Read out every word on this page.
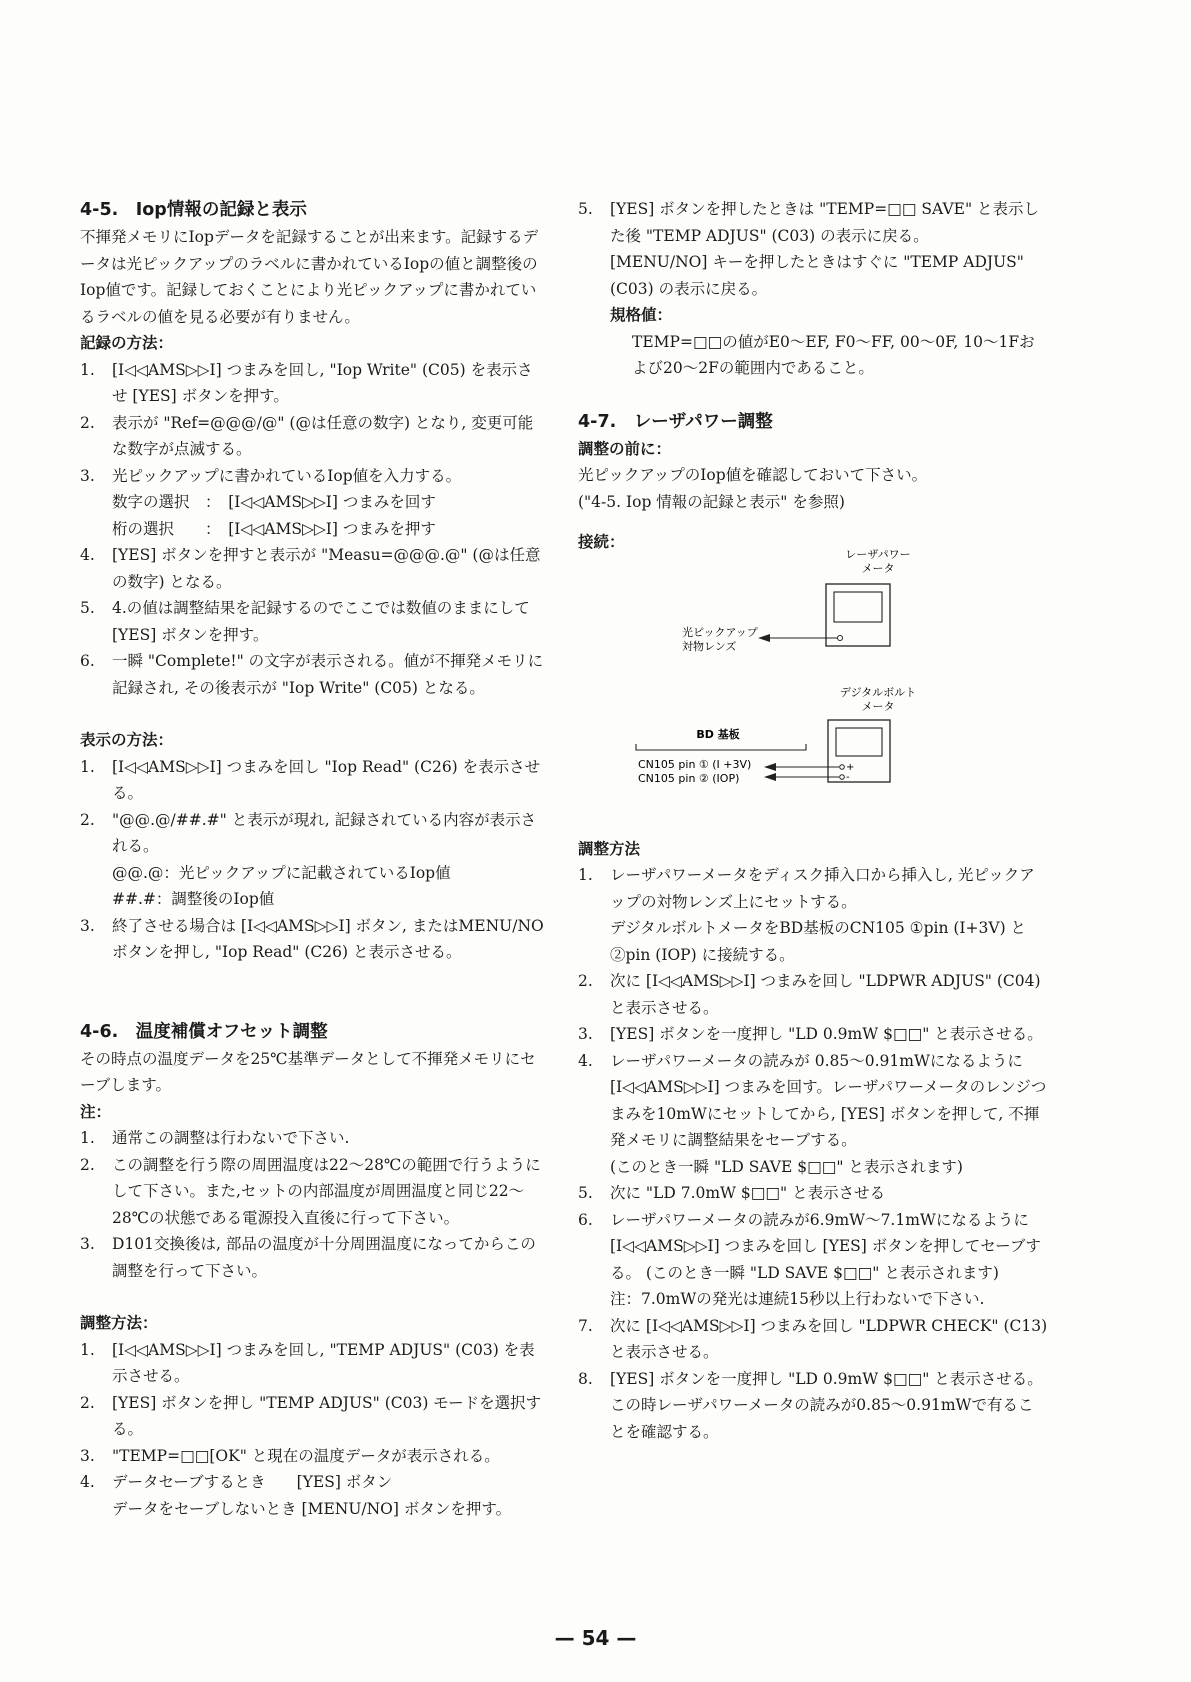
4-5.　Iop情報の記録と表示

不揮発メモリにIopデータを記録することが出来ます。記録するデータは光ピックアップのラベルに書かれているIopの値と調整後のIop値です。記録しておくことにより光ピックアップに書かれているラベルの値を見る必要が有りません。

記録の方法：

1. [I◁◁AMS▷▷I] つまみを回し, "Iop Write" (C05) を表示させ [YES] ボタンを押す。
2. 表示が "Ref=@@@/@" (@は任意の数字) となり, 変更可能な数字が点滅する。
3. 光ピックアップに書かれているIop値を入力する。
数字の選択　：　[I◁◁AMS▷▷I] つまみを回す
桁の選択　　：　[I◁◁AMS▷▷I] つまみを押す
4. [YES] ボタンを押すと表示が "Measu=@@@.@" (@は任意の数字) となる。
5. 4.の値は調整結果を記録するのでここでは数値のままにして [YES] ボタンを押す。
6. 一瞬 "Complete!" の文字が表示される。値が不揮発メモリに記録され, その後表示が "Iop Write" (C05) となる。

表示の方法：

1. [I◁◁AMS▷▷I] つまみを回し "Iop Read" (C26) を表示させる。
2. "@@.@/##.#" と表示が現れ, 記録されている内容が表示される。
@@.@：光ピックアップに記載されているIop値
##.#：調整後のIop値
3. 終了させる場合は [I◁◁AMS▷▷I] ボタン, またはMENU/NOボタンを押し, "Iop Read" (C26) と表示させる。
4-6.　温度補償オフセット調整

その時点の温度データを25℃基準データとして不揮発メモリにセーブします。

注：

1. 通常この調整は行わないで下さい.
2. この調整を行う際の周囲温度は22～28℃の範囲で行うようにして下さい。また,セットの内部温度が周囲温度と同じ22～28℃の状態である電源投入直後に行って下さい。
3. D101交換後は, 部品の温度が十分周囲温度になってからこの調整を行って下さい。

調整方法：

1. [I◁◁AMS▷▷I] つまみを回し, "TEMP ADJUS" (C03) を表示させる。
2. [YES] ボタンを押し "TEMP ADJUS" (C03) モードを選択する。
3. "TEMP=□□[OK" と現在の温度データが表示される。
4. データセーブするとき　　[YES] ボタン
データをセーブしないとき [MENU/NO] ボタンを押す。
5. [YES] ボタンを押したときは "TEMP=□□ SAVE" と表示した後 "TEMP ADJUS" (C03) の表示に戻る。
[MENU/NO] キーを押したときはすぐに "TEMP ADJUS" (C03) の表示に戻る。

規格値：

TEMP=□□の値がE0～EF, F0～FF, 00～0F, 10～1Fおよび20～2Fの範囲内であること。

4-7.　レーザパワー調整

調整の前に：

光ピックアップのIop値を確認しておいて下さい。

("4-5. Iop 情報の記録と表示" を参照)

接続：

レーザパワー
メータ
光ピックアップ
対物レンズ
デジタルボルト
メータ
+
-
BD 基板
CN105 pin ① (I +3V)
CN105 pin ② (IOP)

調整方法

1. レーザパワーメータをディスク挿入口から挿入し, 光ピックアップの対物レンズ上にセットする。
デジタルボルトメータをBD基板のCN105 ①pin (I+3V) と ②pin (IOP) に接続する。
2. 次に [I◁◁AMS▷▷I] つまみを回し "LDPWR ADJUS" (C04) と表示させる。
3. [YES] ボタンを一度押し "LD 0.9mW $□□" と表示させる。
4. レーザパワーメータの読みが 0.85～0.91mWになるように [I◁◁AMS▷▷I] つまみを回す。レーザパワーメータのレンジつまみを10mWにセットしてから, [YES] ボタンを押して, 不揮発メモリに調整結果をセーブする。
(このとき一瞬 "LD SAVE $□□" と表示されます)
5. 次に "LD 7.0mW $□□" と表示させる
6. レーザパワーメータの読みが6.9mW～7.1mWになるように [I◁◁AMS▷▷I] つまみを回し [YES] ボタンを押してセーブする。 (このとき一瞬 "LD SAVE $□□" と表示されます)
注：7.0mWの発光は連続15秒以上行わないで下さい.
7. 次に [I◁◁AMS▷▷I] つまみを回し "LDPWR CHECK" (C13) と表示させる。
8. [YES] ボタンを一度押し "LD 0.9mW $□□" と表示させる。この時レーザパワーメータの読みが0.85～0.91mWで有ることを確認する。
— 54 —
